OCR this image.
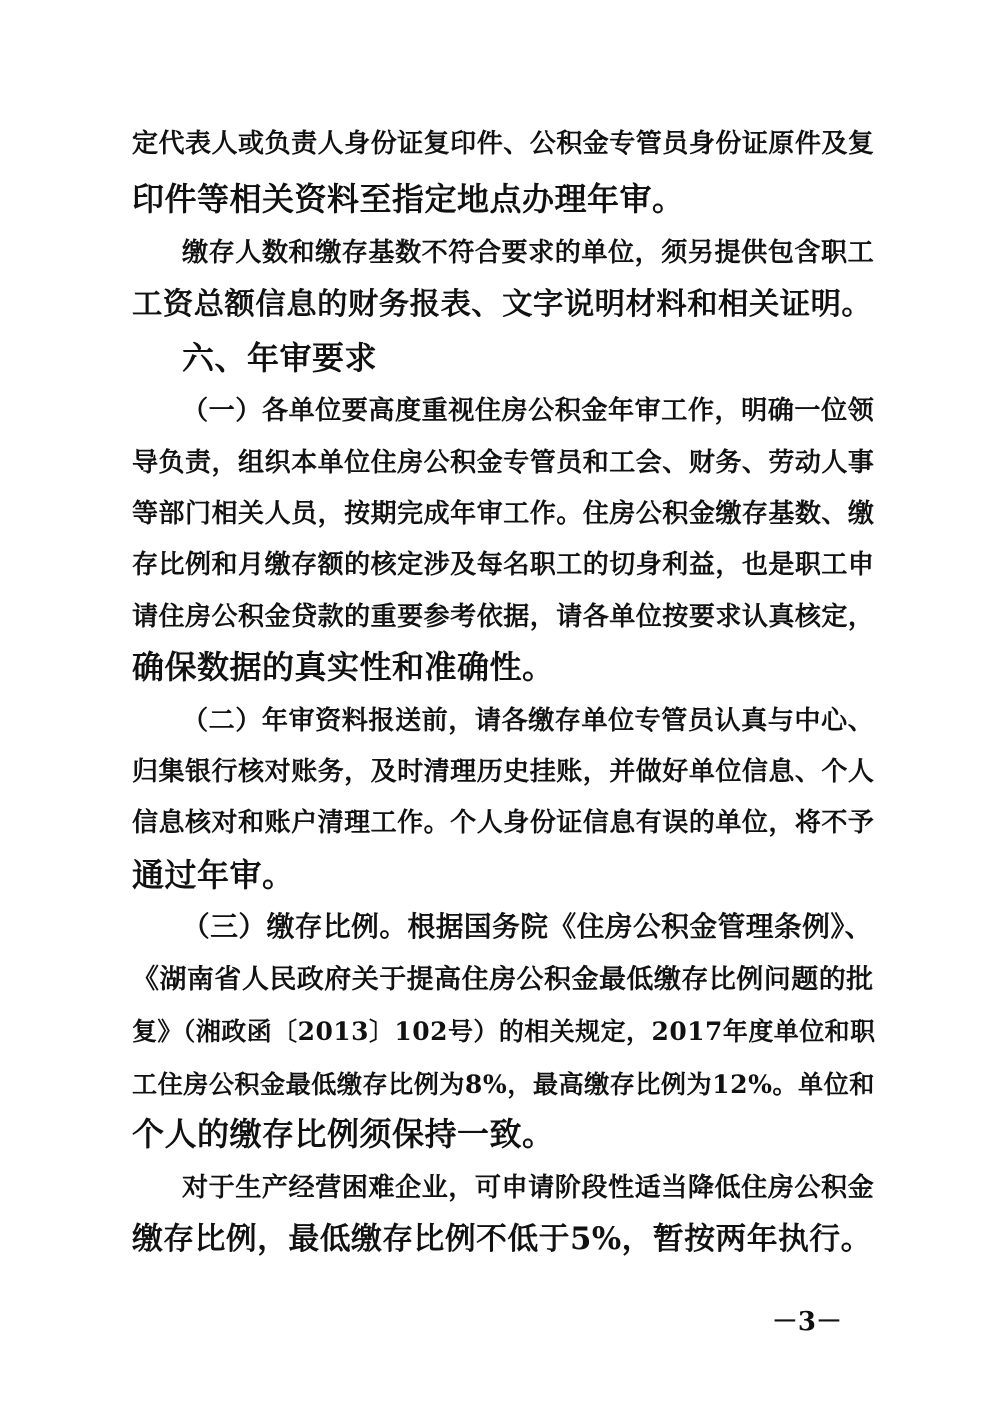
定代表人或负责人身份证复印件、公积金专管员身份证原件及复
印件等相关资料至指定地点办理年审。
缴存人数和缴存基数不符合要求的单位，须另提供包含职工
工资总额信息的财务报表、文字说明材料和相关证明。
六、年审要求
（一）各单位要高度重视住房公积金年审工作，明确一位领
导负责，组织本单位住房公积金专管员和工会、财务、劳动人事
等部门相关人员，按期完成年审工作。住房公积金缴存基数、缴
存比例和月缴存额的核定涉及每名职工的切身利益，也是职工申
请住房公积金贷款的重要参考依据，请各单位按要求认真核定，
确保数据的真实性和准确性。
（二）年审资料报送前，请各缴存单位专管员认真与中心、
归集银行核对账务，及时清理历史挂账，并做好单位信息、个人
信息核对和账户清理工作。个人身份证信息有误的单位，将不予
通过年审。
（三）缴存比例。根据国务院《住房公积金管理条例》、
《湖南省人民政府关于提高住房公积金最低缴存比例问题的批
复》（湘政函〔2013〕102号）的相关规定，2017年度单位和职
工住房公积金最低缴存比例为8%，最高缴存比例为12%。单位和
个人的缴存比例须保持一致。
对于生产经营困难企业，可申请阶段性适当降低住房公积金
缴存比例，最低缴存比例不低于5%，暂按两年执行。
－3－
